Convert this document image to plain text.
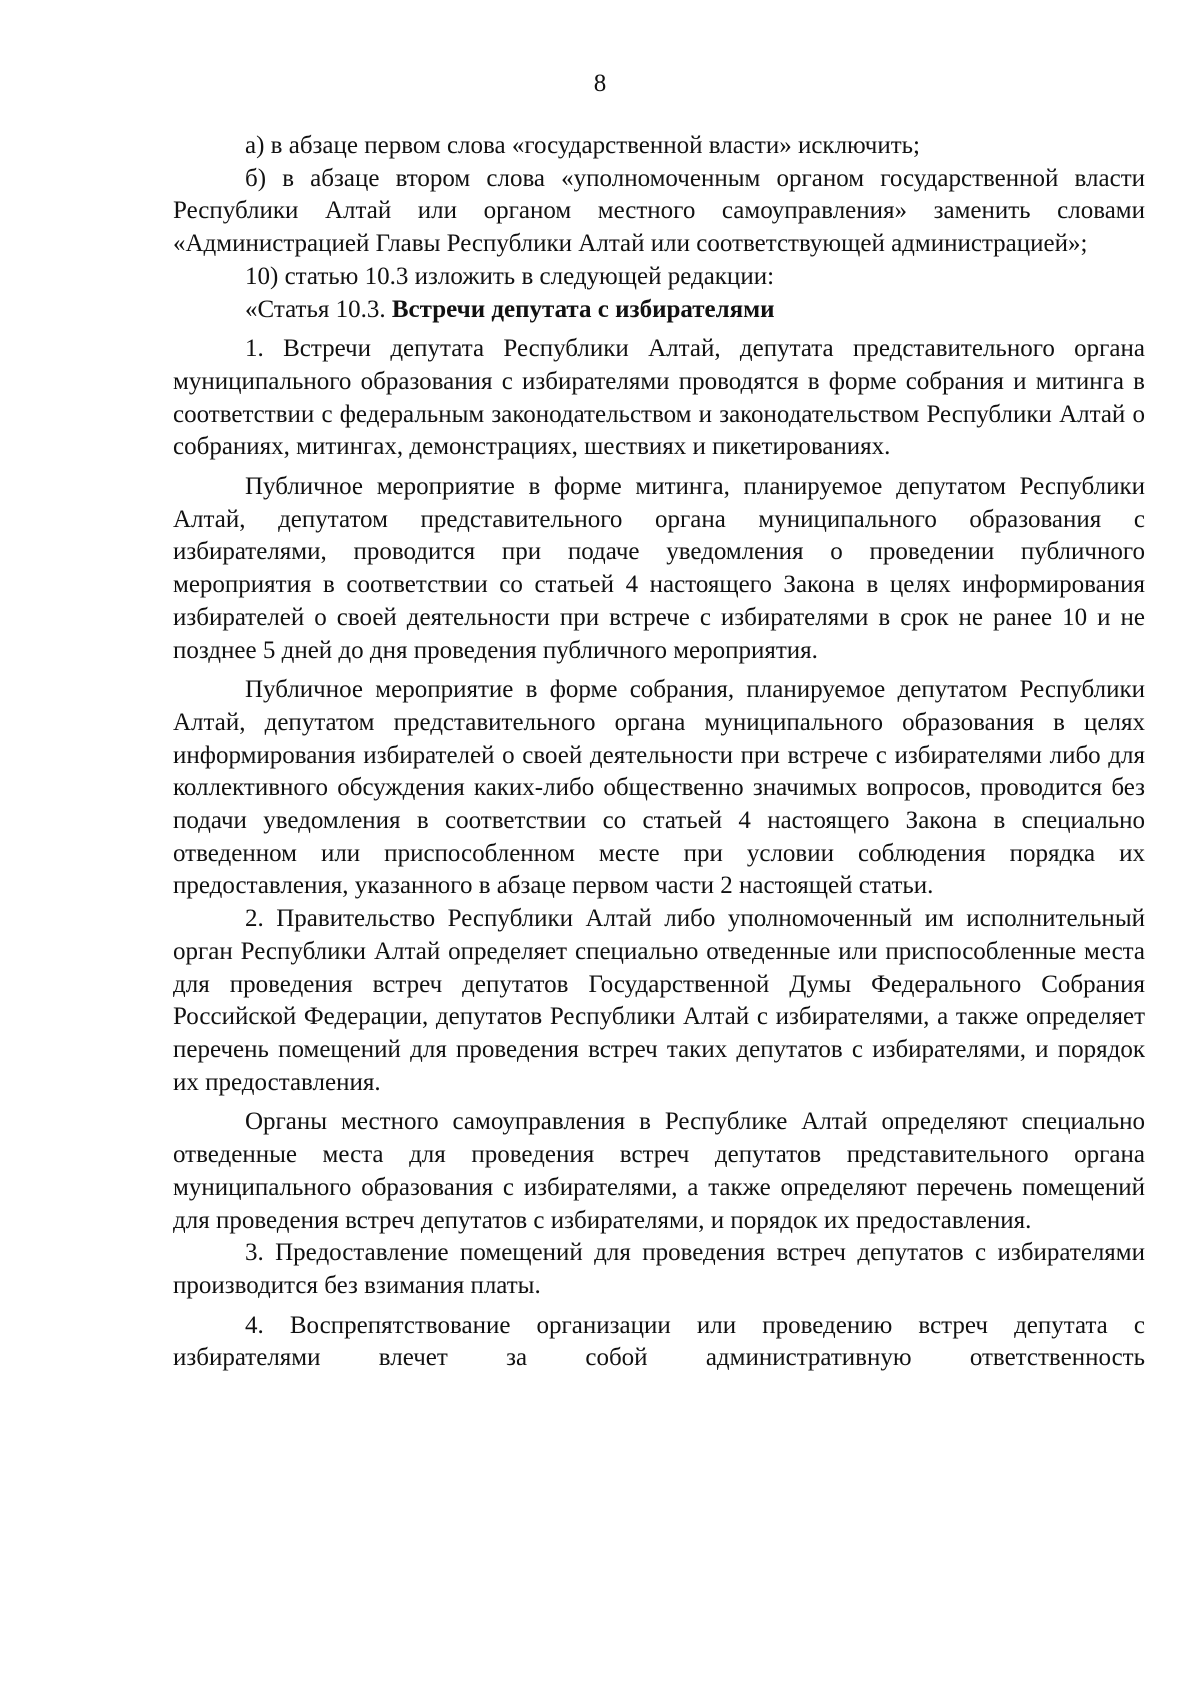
8

а) в абзаце первом слова «государственной власти» исключить;

б) в абзаце втором слова «уполномоченным органом государственной власти Республики Алтай или органом местного самоуправления» заменить словами «Администрацией Главы Республики Алтай или соответствующей администрацией»;

10) статью 10.3 изложить в следующей редакции:

«Статья 10.3. Встречи депутата с избирателями

1. Встречи депутата Республики Алтай, депутата представительного органа муниципального образования с избирателями проводятся в форме собрания и митинга в соответствии с федеральным законодательством и законодательством Республики Алтай о собраниях, митингах, демонстрациях, шествиях и пикетированиях.

Публичное мероприятие в форме митинга, планируемое депутатом Республики Алтай, депутатом представительного органа муниципального образования с избирателями, проводится при подаче уведомления о проведении публичного мероприятия в соответствии со статьей 4 настоящего Закона в целях информирования избирателей о своей деятельности при встрече с избирателями в срок не ранее 10 и не позднее 5 дней до дня проведения публичного мероприятия.

Публичное мероприятие в форме собрания, планируемое депутатом Республики Алтай, депутатом представительного органа муниципального образования в целях информирования избирателей о своей деятельности при встрече с избирателями либо для коллективного обсуждения каких-либо общественно значимых вопросов, проводится без подачи уведомления в соответствии со статьей 4 настоящего Закона в специально отведенном или приспособленном месте при условии соблюдения порядка их предоставления, указанного в абзаце первом части 2 настоящей статьи.

2. Правительство Республики Алтай либо уполномоченный им исполнительный орган Республики Алтай определяет специально отведенные или приспособленные места для проведения встреч депутатов Государственной Думы Федерального Собрания Российской Федерации, депутатов Республики Алтай с избирателями, а также определяет перечень помещений для проведения встреч таких депутатов с избирателями, и порядок их предоставления.

Органы местного самоуправления в Республике Алтай определяют специально отведенные места для проведения встреч депутатов представительного органа муниципального образования с избирателями, а также определяют перечень помещений для проведения встреч депутатов с избирателями, и порядок их предоставления.

3. Предоставление помещений для проведения встреч депутатов с избирателями производится без взимания платы.

4. Воспрепятствование организации или проведению встреч депутата с избирателями влечет за собой административную ответственность
